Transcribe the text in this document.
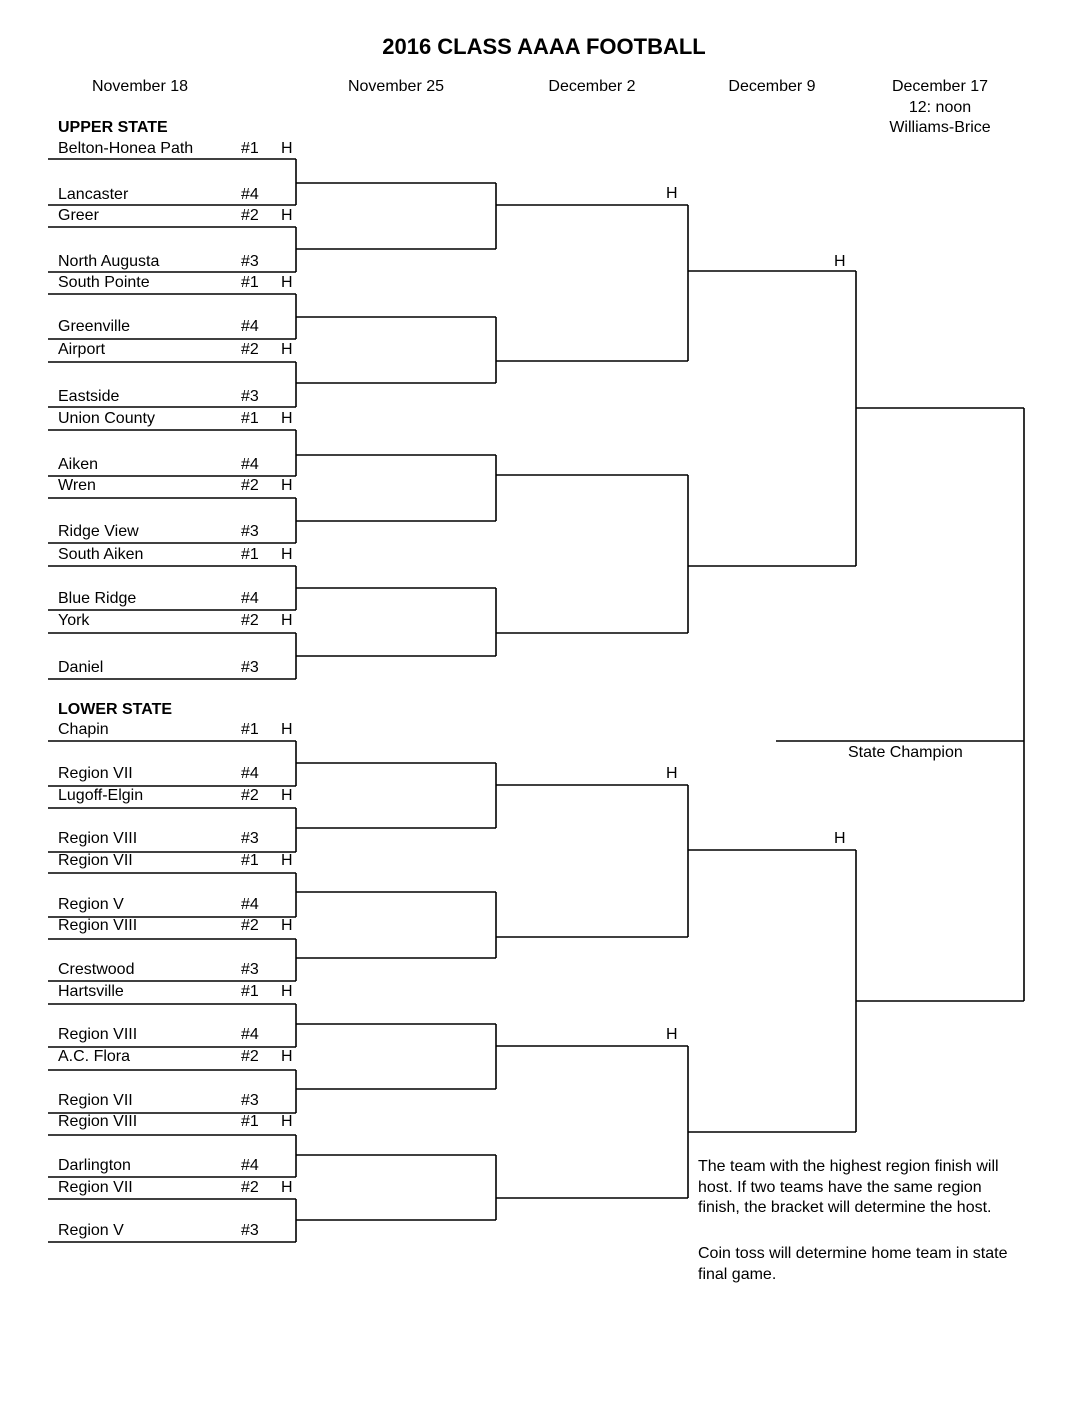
2016 CLASS AAAA FOOTBALL
November 18	November 25	December 2	December 9	December 17
12: noon
Williams-Brice
UPPER STATE
LOWER STATE
Belton-Honea Path	#1 H
Lancaster	#4
Greer	#2 H
North Augusta	#3
South Pointe	#1 H
Greenville	#4
Airport	#2 H
Eastside	#3
Union County	#1 H
Aiken	#4
Wren	#2 H
Ridge View	#3
South Aiken	#1 H
Blue Ridge	#4
York	#2 H
Daniel	#3
Chapin	#1 H
Region VII	#4
Lugoff-Elgin	#2 H
Region VIII	#3
Region VII	#1 H
Region V	#4
Region VIII	#2 H
Crestwood	#3
Hartsville	#1 H
Region VIII	#4
A.C. Flora	#2 H
Region VII	#3
Region VIII	#1 H
Darlington	#4
Region VII	#2 H
Region V	#3
H
H
H
H
H
State Champion
The team with the highest region finish will host. If two teams have the same region finish, the bracket will determine the host.
Coin toss will determine home team in state final game.
